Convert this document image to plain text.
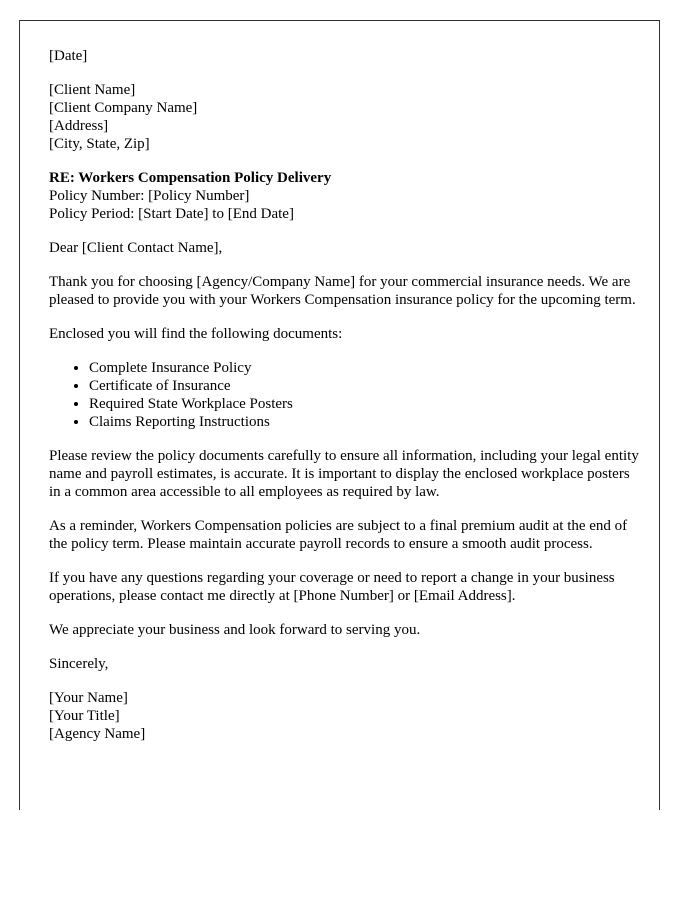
[Date]
[Client Name]
[Client Company Name]
[Address]
[City, State, Zip]
RE: Workers Compensation Policy Delivery
Policy Number: [Policy Number]
Policy Period: [Start Date] to [End Date]

Dear [Client Contact Name],

Thank you for choosing [Agency/Company Name] for your commercial insurance needs. We are pleased to provide you with your Workers Compensation insurance policy for the upcoming term.

Enclosed you will find the following documents:

• Complete Insurance Policy
• Certificate of Insurance
• Required State Workplace Posters
• Claims Reporting Instructions

Please review the policy documents carefully to ensure all information, including your legal entity name and payroll estimates, is accurate. It is important to display the enclosed workplace posters in a common area accessible to all employees as required by law.

As a reminder, Workers Compensation policies are subject to a final premium audit at the end of the policy term. Please maintain accurate payroll records to ensure a smooth audit process.

If you have any questions regarding your coverage or need to report a change in your business operations, please contact me directly at [Phone Number] or [Email Address].

We appreciate your business and look forward to serving you.

Sincerely,

[Your Name]
[Your Title]
[Agency Name]
